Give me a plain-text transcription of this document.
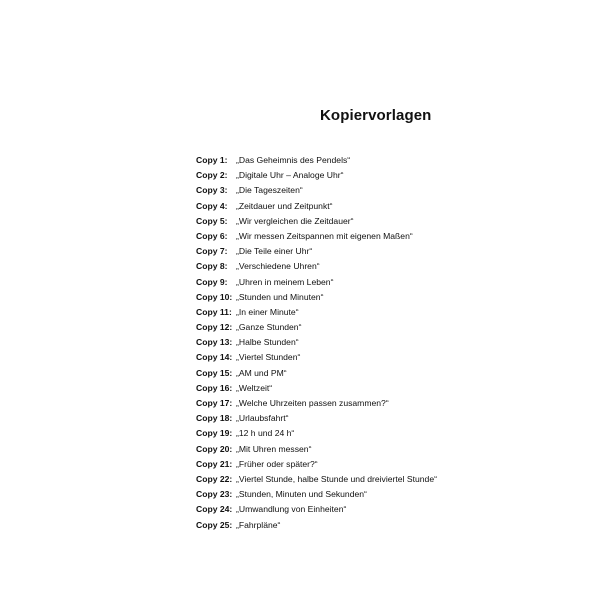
Kopiervorlagen
Copy 1: „Das Geheimnis des Pendels“
Copy 2: „Digitale Uhr – Analoge Uhr“
Copy 3: „Die Tageszeiten“
Copy 4: „Zeitdauer und Zeitpunkt“
Copy 5: „Wir vergleichen die Zeitdauer“
Copy 6: „Wir messen Zeitspannen mit eigenen Maßen“
Copy 7: „Die Teile einer Uhr“
Copy 8: „Verschiedene Uhren“
Copy 9: „Uhren in meinem Leben“
Copy 10: „Stunden und Minuten“
Copy 11: „In einer Minute“
Copy 12: „Ganze Stunden“
Copy 13: „Halbe Stunden“
Copy 14: „Viertel Stunden“
Copy 15: „AM und PM“
Copy 16: „Weltzeit“
Copy 17: „Welche Uhrzeiten passen zusammen?“
Copy 18: „Urlaubsfahrt“
Copy 19: „12 h und 24 h“
Copy 20: „Mit Uhren messen“
Copy 21: „Früher oder später?“
Copy 22: „Viertel Stunde, halbe Stunde und dreiviertel Stunde“
Copy 23: „Stunden, Minuten und Sekunden“
Copy 24: „Umwandlung von Einheiten“
Copy 25: „Fahrpläne“
